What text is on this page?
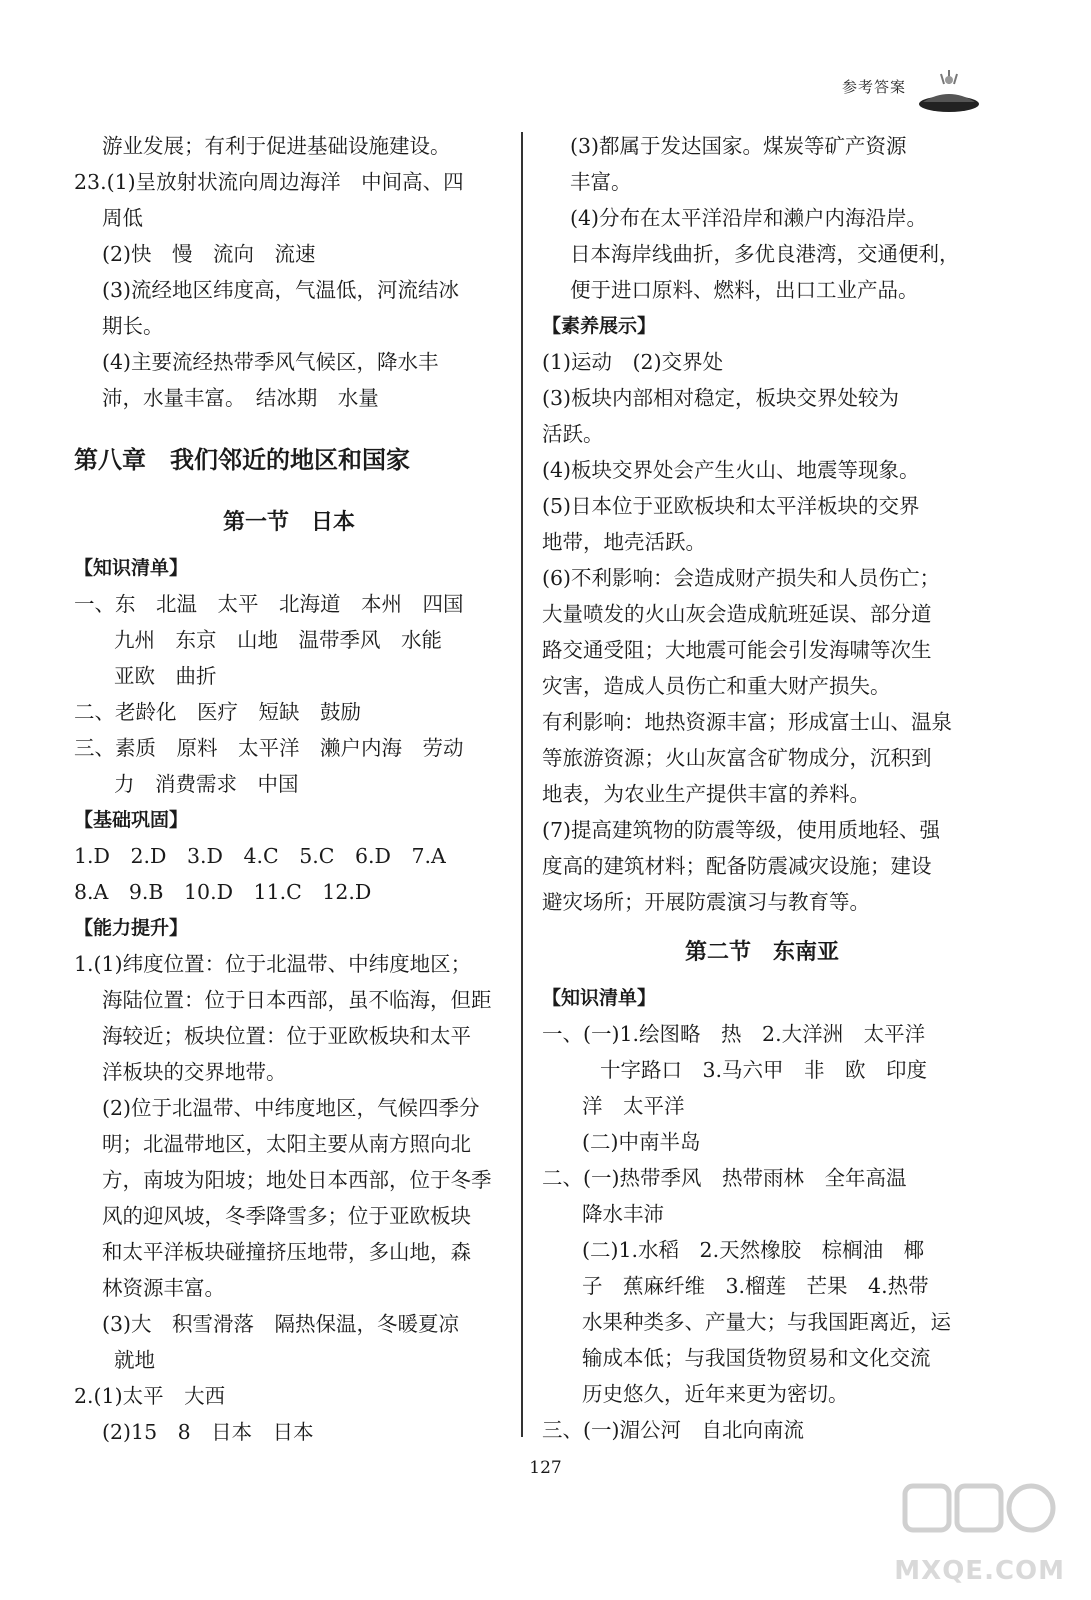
参考答案
游业发展；有利于促进基础设施建设。
23.(1)呈放射状流向周边海洋　中间高、四
周低
(2)快　慢　流向　流速
(3)流经地区纬度高，气温低，河流结冰
期长。
(4)主要流经热带季风气候区，降水丰
沛，水量丰富。　结冰期　水量
第八章　我们邻近的地区和国家
第一节　日本
【知识清单】
一、东　北温　太平　北海道　本州　四国
九州　东京　山地　温带季风　水能
亚欧　曲折
二、老龄化　医疗　短缺　鼓励
三、素质　原料　太平洋　濑户内海　劳动
力　消费需求　中国
【基础巩固】
1.D　2.D　3.D　4.C　5.C　6.D　7.A
8.A　9.B　10.D　11.C　12.D
【能力提升】
1.(1)纬度位置：位于北温带、中纬度地区；
海陆位置：位于日本西部，虽不临海，但距
海较近；板块位置：位于亚欧板块和太平
洋板块的交界地带。
(2)位于北温带、中纬度地区，气候四季分
明；北温带地区，太阳主要从南方照向北
方，南坡为阳坡；地处日本西部，位于冬季
风的迎风坡，冬季降雪多；位于亚欧板块
和太平洋板块碰撞挤压地带，多山地，森
林资源丰富。
(3)大　积雪滑落　隔热保温，冬暖夏凉
就地
2.(1)太平　大西
(2)15　8　日本　日本
(3)都属于发达国家。煤炭等矿产资源
丰富。
(4)分布在太平洋沿岸和濑户内海沿岸。
日本海岸线曲折，多优良港湾，交通便利，
便于进口原料、燃料，出口工业产品。
【素养展示】
(1)运动　(2)交界处
(3)板块内部相对稳定，板块交界处较为
活跃。
(4)板块交界处会产生火山、地震等现象。
(5)日本位于亚欧板块和太平洋板块的交界
地带，地壳活跃。
(6)不利影响：会造成财产损失和人员伤亡；
大量喷发的火山灰会造成航班延误、部分道
路交通受阻；大地震可能会引发海啸等次生
灾害，造成人员伤亡和重大财产损失。
有利影响：地热资源丰富；形成富士山、温泉
等旅游资源；火山灰富含矿物成分，沉积到
地表，为农业生产提供丰富的养料。
(7)提高建筑物的防震等级，使用质地轻、强
度高的建筑材料；配备防震减灾设施；建设
避灾场所；开展防震演习与教育等。
第二节　东南亚
【知识清单】
一、(一)1.绘图略　热　2.大洋洲　太平洋
十字路口　3.马六甲　非　欧　印度
洋　太平洋
(二)中南半岛
二、(一)热带季风　热带雨林　全年高温
降水丰沛
(二)1.水稻　2.天然橡胶　棕榈油　椰
子　蕉麻纤维　3.榴莲　芒果　4.热带
水果种类多、产量大；与我国距离近，运
输成本低；与我国货物贸易和文化交流
历史悠久，近年来更为密切。
三、(一)湄公河　自北向南流
127
MXQE.COM
